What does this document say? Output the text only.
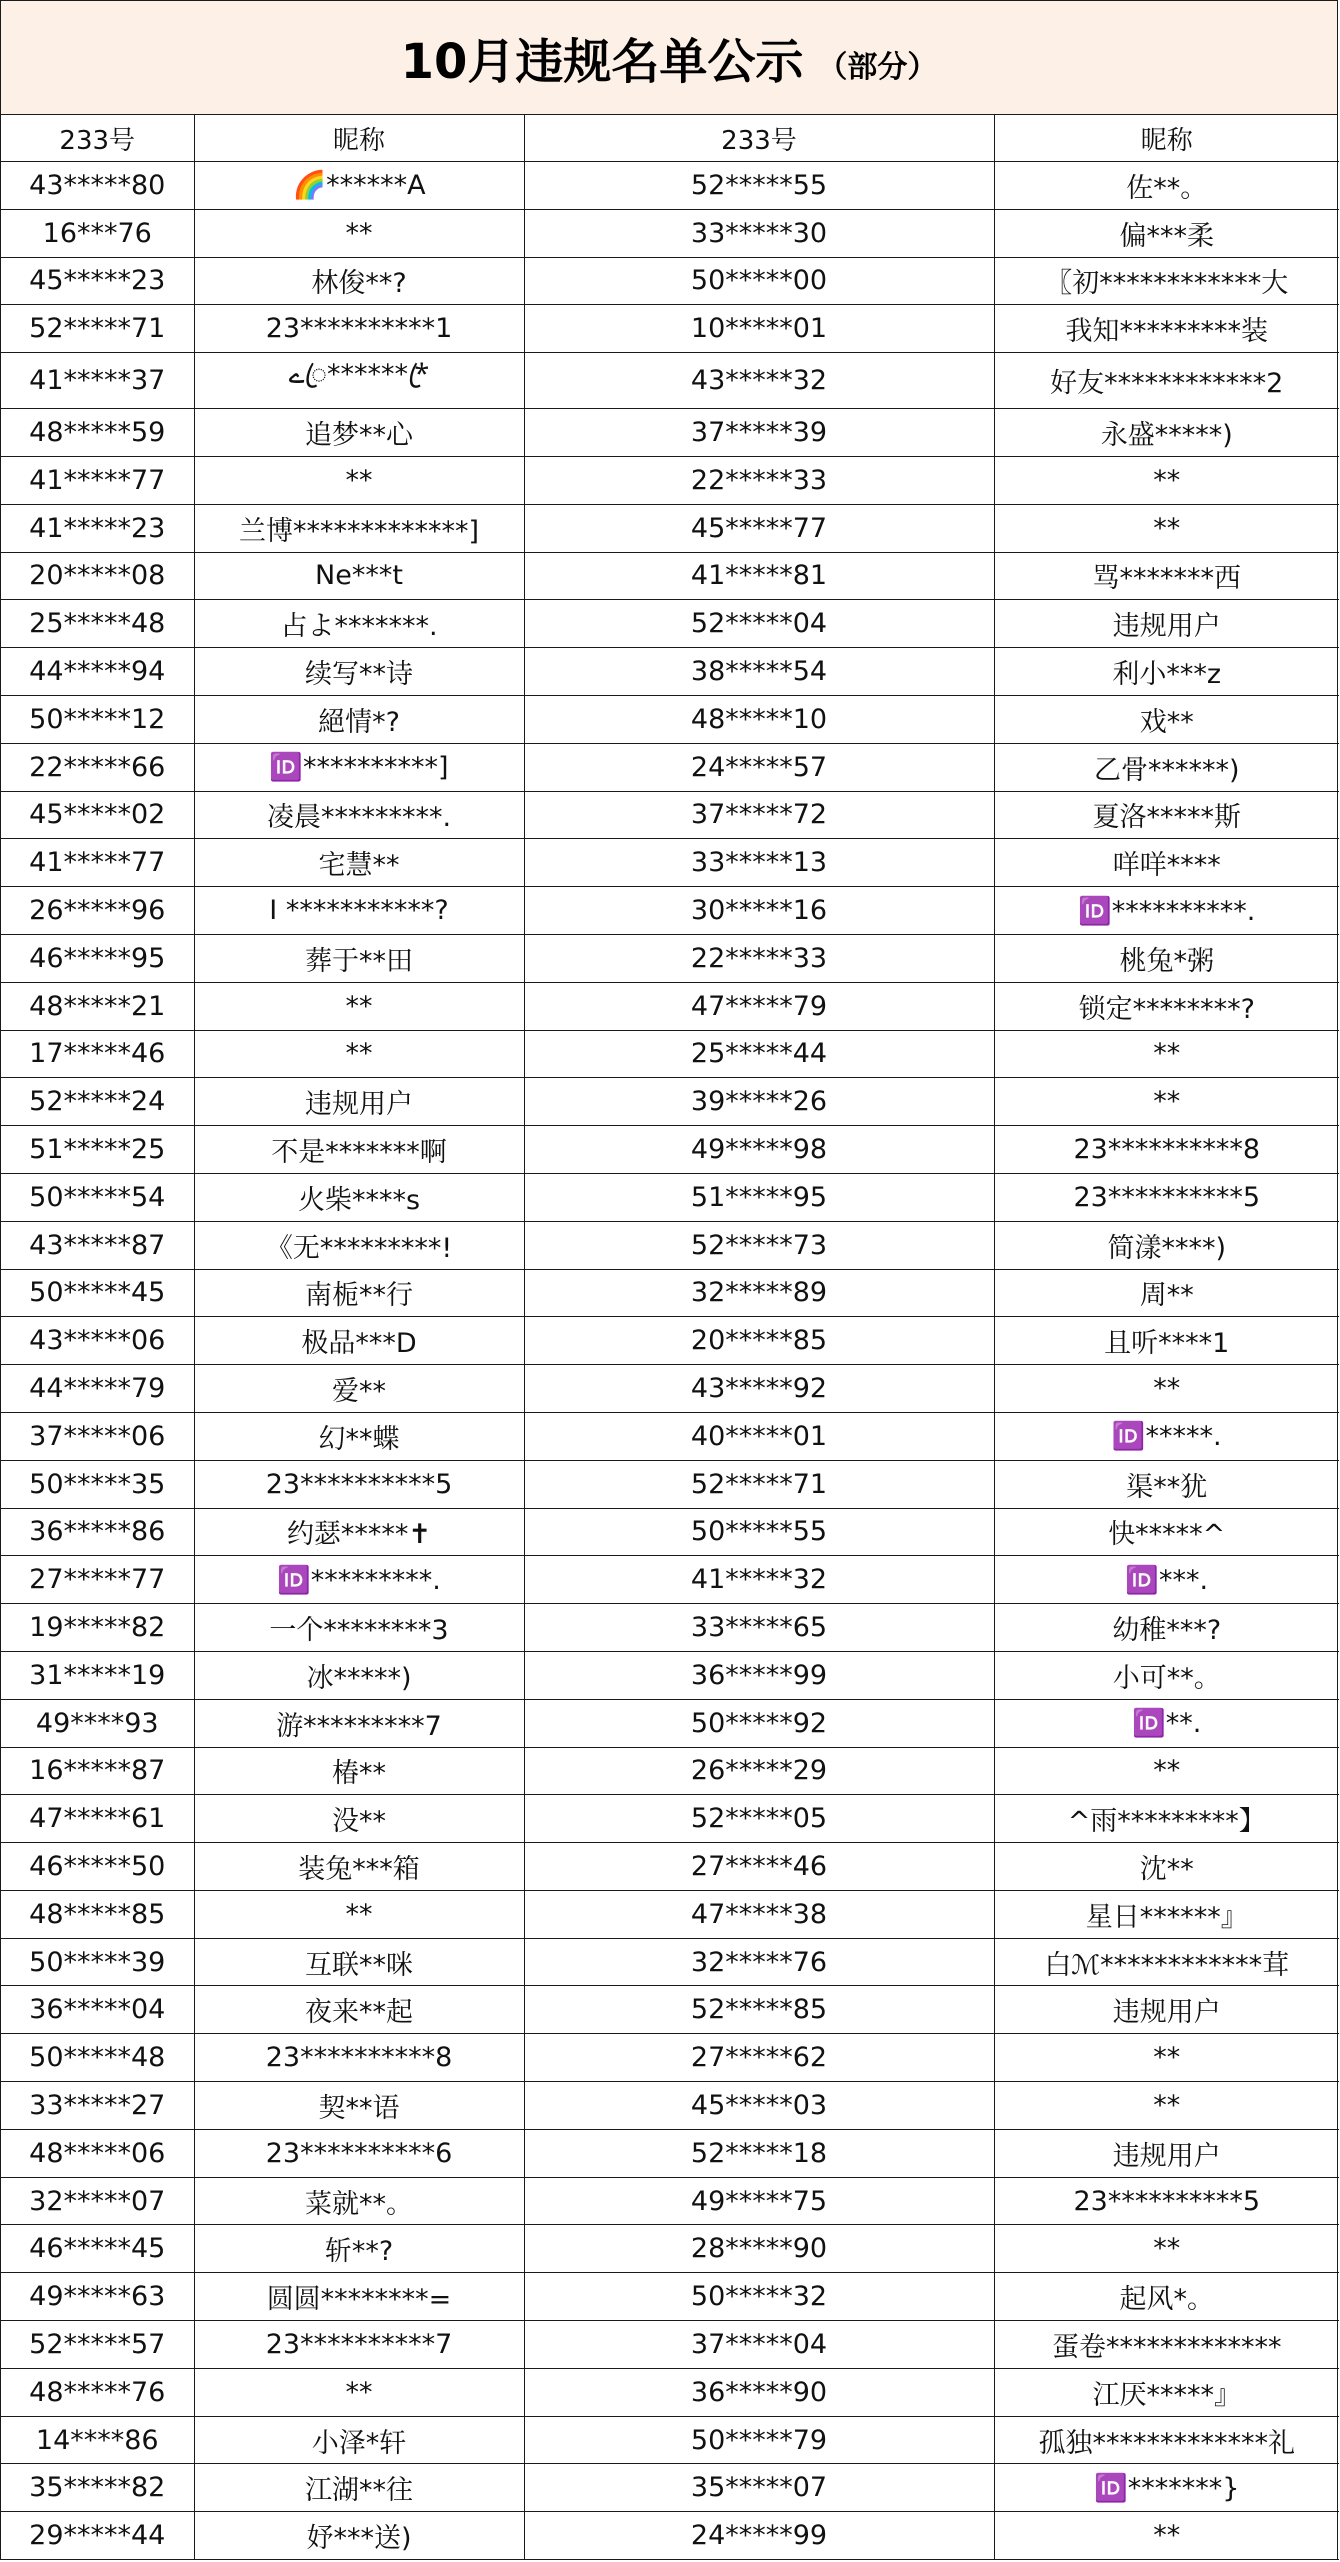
10月违规名单公示 （部分）
233号	昵称	233号	昵称
43*****80	🌈******A	52*****55	佐**。
16***76	**	33*****30	偏***柔
45*****23	林俊**?	50*****00	〖初************大
52*****71	23**********1	10*****01	我知*********装
41*****37	ےꦿ*******ꦿ	43*****32	好友************2
48*****59	追梦**心	37*****39	永盛*****)
41*****77	**	22*****33	**
41*****23	兰博*************]	45*****77	**
20*****08	Ne***t	41*****81	骂*******西
25*****48	占よ*******.	52*****04	违规用户
44*****94	续写**诗	38*****54	利小***z
50*****12	絕情*?	48*****10	戏**
22*****66	🆔**********]	24*****57	乙骨******)
45*****02	凌晨*********.	37*****72	夏洛*****斯
41*****77	宅慧**	33*****13	咩咩****
26*****96	I ***********?	30*****16	🆔**********.
46*****95	葬于**田	22*****33	桃兔*粥
48*****21	**	47*****79	锁定********?
17*****46	**	25*****44	**
52*****24	违规用户	39*****26	**
51*****25	不是*******啊	49*****98	23**********8
50*****54	火柴****s	51*****95	23**********5
43*****87	《无*********!	52*****73	简漾****)
50*****45	南栀**行	32*****89	周**
43*****06	极品***D	20*****85	且听****1
44*****79	爱**	43*****92	**
37*****06	幻**蝶	40*****01	🆔*****.
50*****35	23**********5	52*****71	渠**犹
36*****86	约瑟*****✝	50*****55	快*****^
27*****77	🆔*********.	41*****32	🆔***.
19*****82	一个********3	33*****65	幼稚***?
31*****19	冰*****)	36*****99	小可**。
49****93	游*********7	50*****92	🆔**.
16*****87	椿**	26*****29	**
47*****61	没**	52*****05	^雨*********】
46*****50	装兔***箱	27*****46	沈**
48*****85	**	47*****38	星日******』
50*****39	互联**咪	32*****76	白ℳ************茸
36*****04	夜来**起	52*****85	违规用户
50*****48	23**********8	27*****62	**
33*****27	契**语	45*****03	**
48*****06	23**********6	52*****18	违规用户
32*****07	菜就**。	49*****75	23**********5
46*****45	斩**?	28*****90	**
49*****63	圆圆********=	50*****32	起风*。
52*****57	23**********7	37*****04	蛋卷*************
48*****76	**	36*****90	江厌*****』
14****86	小泽*轩	50*****79	孤独*************礼
35*****82	江湖**往	35*****07	🆔*******}
29*****44	妤***送)	24*****99	**
